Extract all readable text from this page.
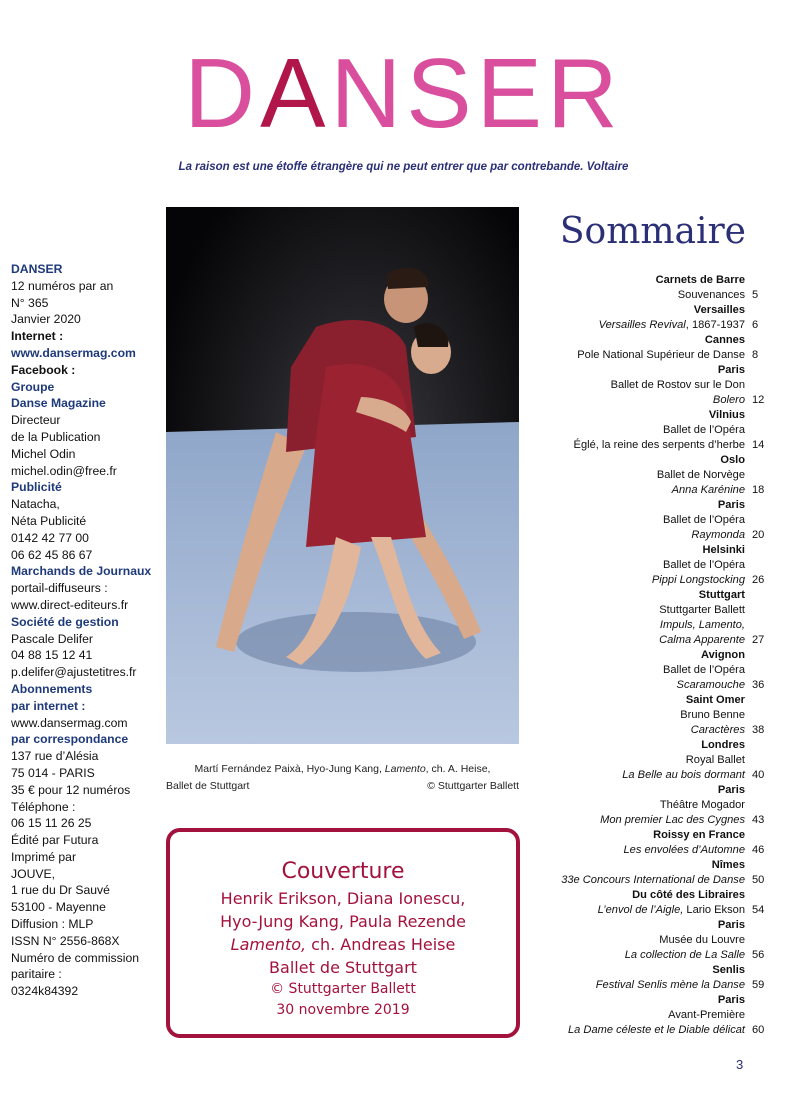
DANSER
La raison est une étoffe étrangère qui ne peut entrer que par contrebande. Voltaire
Martí Fernández Paixà, Hyo-Jung Kang, Lamento, ch. A. Heise,
Ballet de Stuttgart	© Stuttgarter Ballett
Couverture
Henrik Erikson, Diana Ionescu,
Hyo-Jung Kang, Paula Rezende
Lamento, ch. Andreas Heise
Ballet de Stuttgart
© Stuttgarter Ballett
30 novembre 2019
DANSER
12 numéros par an
N° 365
Janvier 2020
Internet :
www.dansermag.com
Facebook :
Groupe
Danse Magazine
Directeur
de la Publication
Michel Odin
michel.odin@free.fr
Publicité
Natacha,
Néta Publicité
0142 42 77 00
06 62 45 86 67
Marchands de Journaux
portail-diffuseurs :
www.direct-editeurs.fr
Société de gestion
Pascale Delifer
04 88 15 12 41
p.delifer@ajustetitres.fr
Abonnements
par internet :
www.dansermag.com
par correspondance
137 rue d’Alésia
75 014 - PARIS
35 € pour 12 numéros
Téléphone :
06 15 11 26 25
Édité par Futura
Imprimé par
JOUVE,
1 rue du Dr Sauvé
53100 - Mayenne
Diffusion : MLP
ISSN N° 2556-868X
Numéro de commission
paritaire :
0324k84392
Sommaire
Carnets de Barre
Souvenances 5
Versailles
Versailles Revival, 1867-1937 6
Cannes
Pole National Supérieur de Danse 8
Paris
Ballet de Rostov sur le Don
Bolero 12
Vilnius
Ballet de l’Opéra
Églé, la reine des serpents d’herbe 14
Oslo
Ballet de Norvège
Anna Karénine 18
Paris
Ballet de l’Opéra
Raymonda 20
Helsinki
Ballet de l’Opéra
Pippi Longstocking 26
Stuttgart
Stuttgarter Ballett
Impuls, Lamento,
Calma Apparente 27
Avignon
Ballet de l’Opéra
Scaramouche 36
Saint Omer
Bruno Benne
Caractères 38
Londres
Royal Ballet
La Belle au bois dormant 40
Paris
Théâtre Mogador
Mon premier Lac des Cygnes 43
Roissy en France
Les envolées d’Automne 46
Nîmes
33e Concours International de Danse 50
Du côté des Libraires
L’envol de l’Aigle, Lario Ekson 54
Paris
Musée du Louvre
La collection de La Salle 56
Senlis
Festival Senlis mène la Danse 59
Paris
Avant-Première
La Dame céleste et le Diable délicat 60
3
